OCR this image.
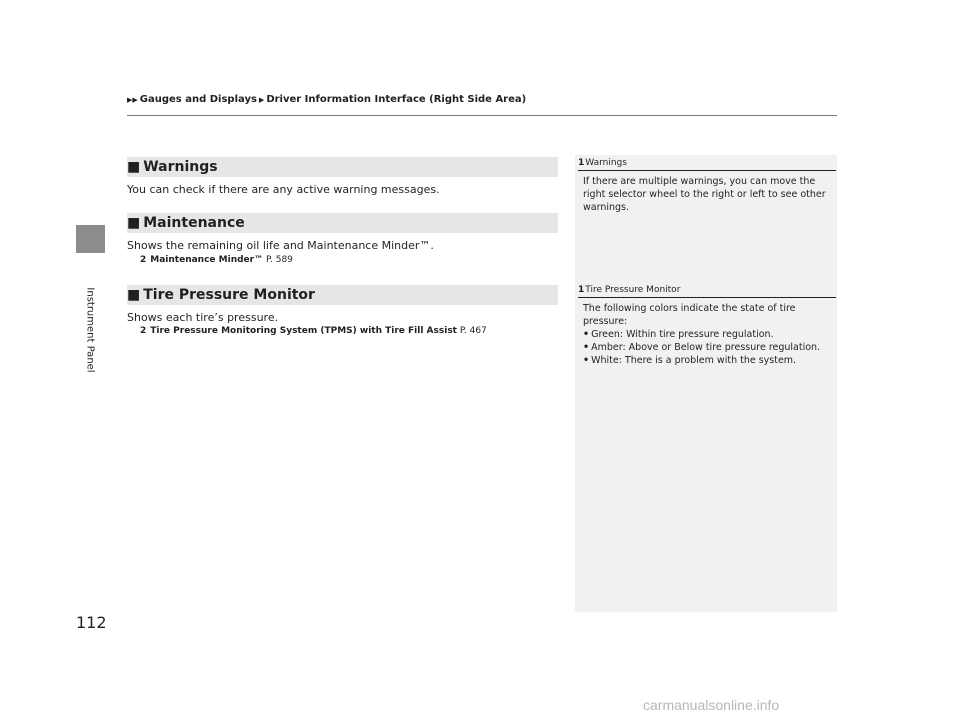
Instrument Panel
▶▶ Gauges and Displays ▶ Driver Information Interface (Right Side Area)
■ Warnings
You can check if there are any active warning messages.
■ Maintenance
Shows the remaining oil life and Maintenance Minder™.
2 Maintenance Minder™ P. 589
■ Tire Pressure Monitor
Shows each tire’s pressure.
2 Tire Pressure Monitoring System (TPMS) with Tire Fill Assist P. 467
1Warnings
If there are multiple warnings, you can move the right selector wheel to the right or left to see other warnings.
1Tire Pressure Monitor
The following colors indicate the state of tire pressure:
• Green: Within tire pressure regulation.
• Amber: Above or Below tire pressure regulation.
• White: There is a problem with the system.
112
carmanualsonline.info
